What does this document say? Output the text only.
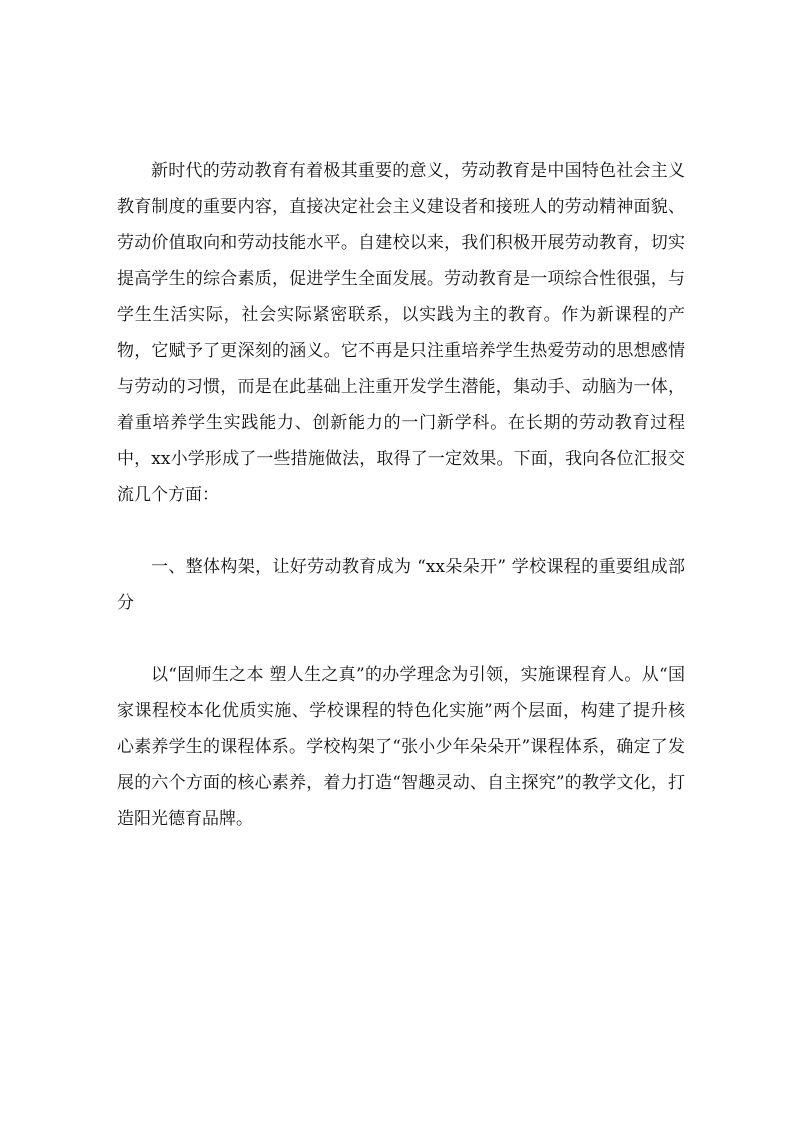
新时代的劳动教育有着极其重要的意义，劳动教育是中国特色社会主义教育制度的重要内容，直接决定社会主义建设者和接班人的劳动精神面貌、劳动价值取向和劳动技能水平。自建校以来，我们积极开展劳动教育，切实提高学生的综合素质，促进学生全面发展。劳动教育是一项综合性很强，与学生生活实际，社会实际紧密联系，以实践为主的教育。作为新课程的产物，它赋予了更深刻的涵义。它不再是只注重培养学生热爱劳动的思想感情与劳动的习惯，而是在此基础上注重开发学生潜能，集动手、动脑为一体，着重培养学生实践能力、创新能力的一门新学科。在长期的劳动教育过程中，xx小学形成了一些措施做法，取得了一定效果。下面，我向各位汇报交流几个方面：

一、整体构架，让好劳动教育成为 “xx朵朵开” 学校课程的重要组成部分

以“固师生之本 塑人生之真”的办学理念为引领，实施课程育人。从“国家课程校本化优质实施、学校课程的特色化实施”两个层面，构建了提升核心素养学生的课程体系。学校构架了“张小少年朵朵开”课程体系，确定了发展的六个方面的核心素养，着力打造“智趣灵动、自主探究”的教学文化，打造阳光德育品牌。
